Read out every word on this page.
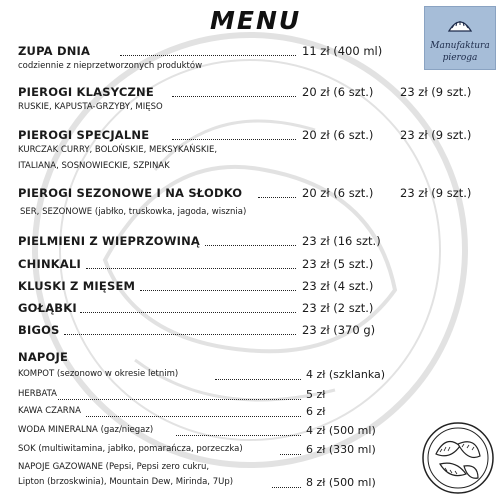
Manufaktura
pieroga
MENU
ZUPA DNIA	11 zł (400 ml)
codziennie z nieprzetworzonych produktów
PIEROGI KLASYCZNE	20 zł (6 szt.) 23 zł (9 szt.)
RUSKIE, KAPUSTA-GRZYBY, MIĘSO
PIEROGI SPECJALNE	20 zł (6 szt.) 23 zł (9 szt.)
KURCZAK CURRY, BOLOŃSKIE, MEKSYKAŃSKIE,
ITALIANA, SOSNOWIECKIE, SZPINAK
PIEROGI SEZONOWE I NA SŁODKO	20 zł (6 szt.) 23 zł (9 szt.)
SER, SEZONOWE (jabłko, truskowka, jagoda, wisznia)
PIELMIENI Z WIEPRZOWINĄ	23 zł (16 szt.)
CHINKALI	23 zł (5 szt.)
KLUSKI Z MIĘSEM	23 zł (4 szt.)
GOŁĄBKI	23 zł (2 szt.)
BIGOS	23 zł (370 g)
NAPOJE
KOMPOT (sezonowo w okresie letnim)	4 zł (szklanka)
HERBATA	5 zł
KAWA CZARNA	6 zł
WODA MINERALNA (gaz/niegaz)	4 zł (500 ml)
SOK (multiwitamina, jabłko, pomarańcza, porzeczka)	6 zł (330 ml)
NAPOJE GAZOWANE (Pepsi, Pepsi zero cukru,
Lipton (brzoskwinia), Mountain Dew, Mirinda, 7Up)	8 zł (500 ml)
